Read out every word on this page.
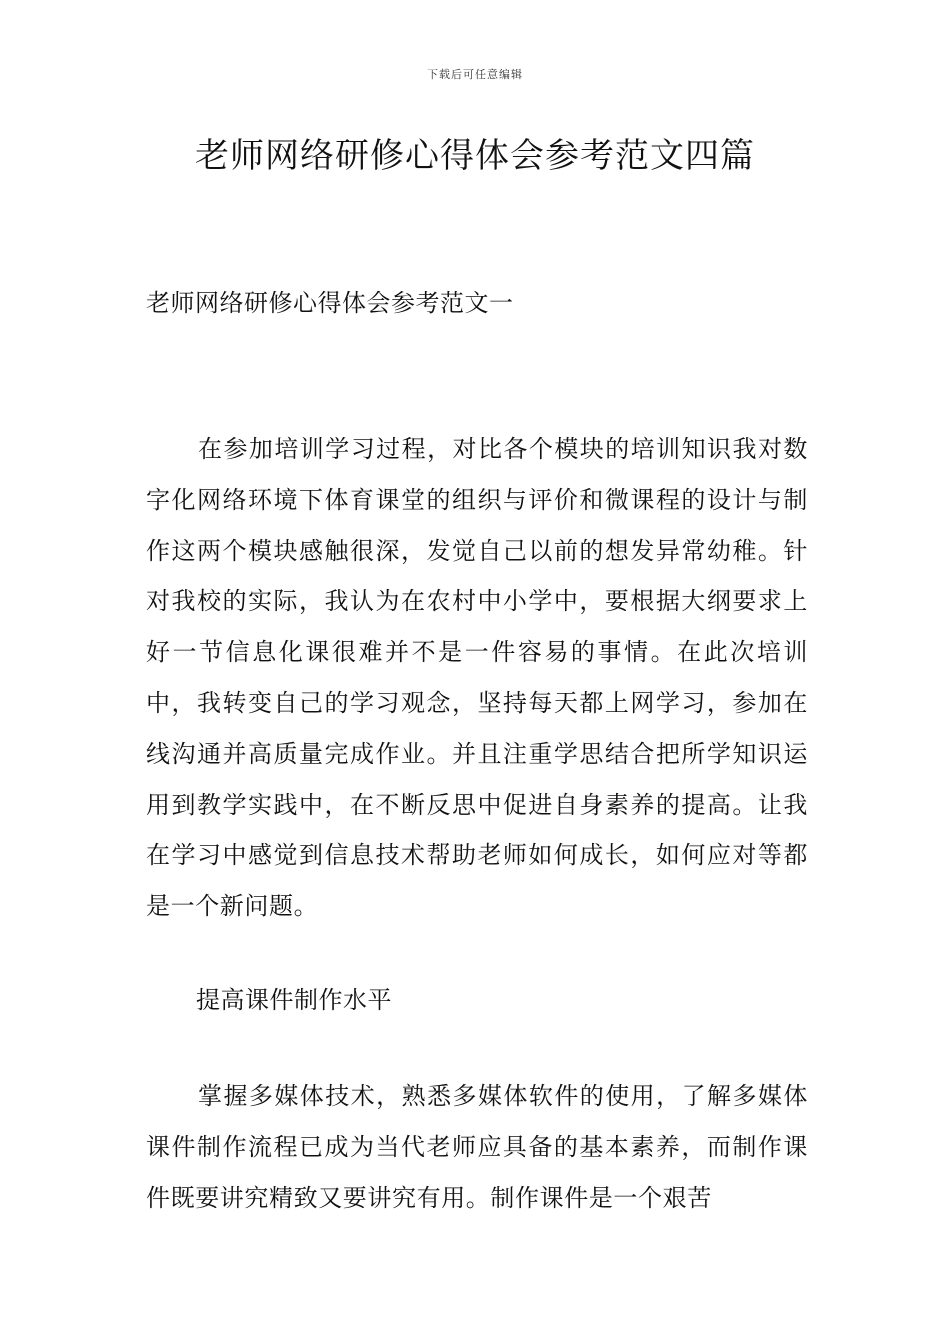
下载后可任意编辑
老师网络研修心得体会参考范文四篇
老师网络研修心得体会参考范文一

在参加培训学习过程，对比各个模块的培训知识我对数字化网络环境下体育课堂的组织与评价和微课程的设计与制作这两个模块感触很深，发觉自己以前的想发异常幼稚。针对我校的实际，我认为在农村中小学中，要根据大纲要求上好一节信息化课很难并不是一件容易的事情。在此次培训中，我转变自己的学习观念，坚持每天都上网学习，参加在线沟通并高质量完成作业。并且注重学思结合把所学知识运用到教学实践中，在不断反思中促进自身素养的提高。让我在学习中感觉到信息技术帮助老师如何成长，如何应对等都是一个新问题。

提高课件制作水平

掌握多媒体技术，熟悉多媒体软件的使用，了解多媒体课件制作流程已成为当代老师应具备的基本素养，而制作课件既要讲究精致又要讲究有用。制作课件是一个艰苦
